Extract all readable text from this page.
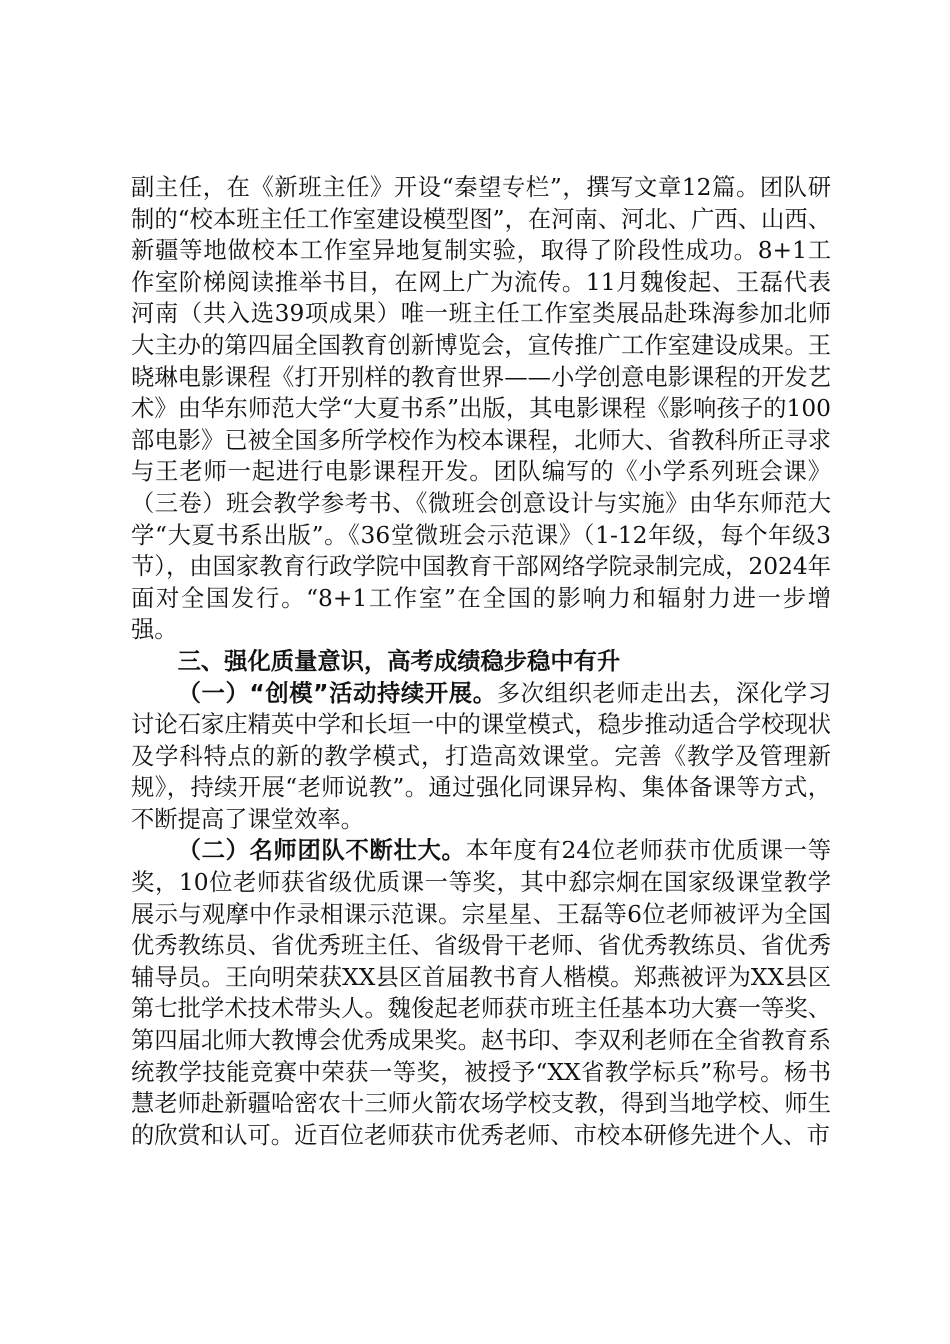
副主任，在《新班主任》开设“秦望专栏”，撰写文章12篇。团队研制的“校本班主任工作室建设模型图”，在河南、河北、广西、山西、新疆等地做校本工作室异地复制实验，取得了阶段性成功。8+1工作室阶梯阅读推举书目，在网上广为流传。11月魏俊起、王磊代表河南（共入选39项成果）唯一班主任工作室类展品赴珠海参加北师大主办的第四届全国教育创新博览会，宣传推广工作室建设成果。王晓琳电影课程《打开别样的教育世界——小学创意电影课程的开发艺术》由华东师范大学“大夏书系”出版，其电影课程《影响孩子的100部电影》已被全国多所学校作为校本课程，北师大、省教科所正寻求与王老师一起进行电影课程开发。团队编写的《小学系列班会课》（三卷）班会教学参考书、《微班会创意设计与实施》由华东师范大学“大夏书系出版”。《36堂微班会示范课》（1-12年级，每个年级3节），由国家教育行政学院中国教育干部网络学院录制完成，2024年面对全国发行。“8+1工作室”在全国的影响力和辐射力进一步增强。

三、强化质量意识，高考成绩稳步稳中有升

（一）“创模”活动持续开展。多次组织老师走出去，深化学习讨论石家庄精英中学和长垣一中的课堂模式，稳步推动适合学校现状及学科特点的新的教学模式，打造高效课堂。完善《教学及管理新规》，持续开展“老师说教”。通过强化同课异构、集体备课等方式，不断提高了课堂效率。

（二）名师团队不断壮大。本年度有24位老师获市优质课一等奖，10位老师获省级优质课一等奖，其中郄宗炯在国家级课堂教学展示与观摩中作录相课示范课。宗星星、王磊等6位老师被评为全国优秀教练员、省优秀班主任、省级骨干老师、省优秀教练员、省优秀辅导员。王向明荣获XX县区首届教书育人楷模。郑燕被评为XX县区第七批学术技术带头人。魏俊起老师获市班主任基本功大赛一等奖、第四届北师大教博会优秀成果奖。赵书印、李双利老师在全省教育系统教学技能竞赛中荣获一等奖，被授予“XX省教学标兵”称号。杨书慧老师赴新疆哈密农十三师火箭农场学校支教，得到当地学校、师生的欣赏和认可。近百位老师获市优秀老师、市校本研修先进个人、市
